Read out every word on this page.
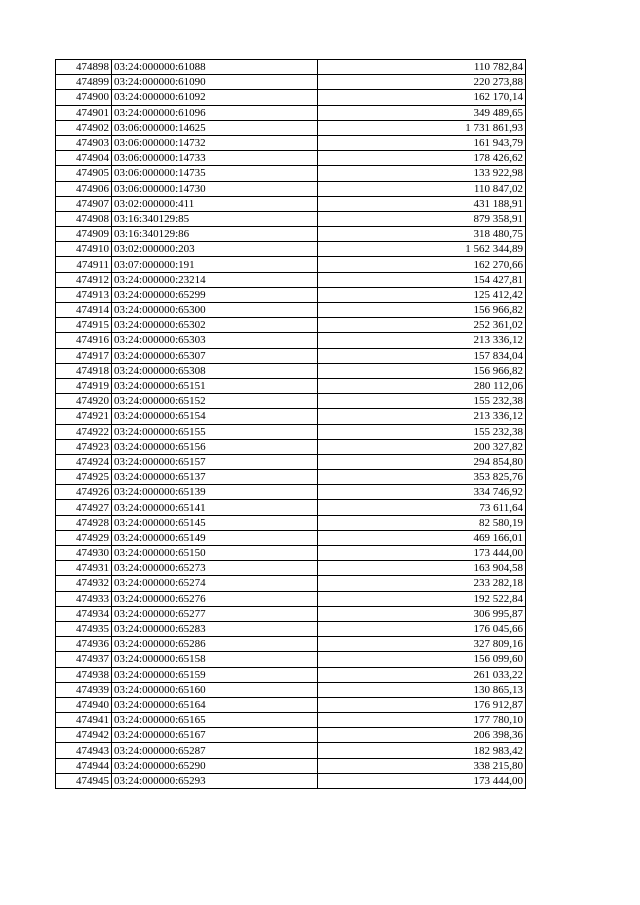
474898	03:24:000000:61088	110 782,84
474899	03:24:000000:61090	220 273,88
474900	03:24:000000:61092	162 170,14
474901	03:24:000000:61096	349 489,65
474902	03:06:000000:14625	1 731 861,93
474903	03:06:000000:14732	161 943,79
474904	03:06:000000:14733	178 426,62
474905	03:06:000000:14735	133 922,98
474906	03:06:000000:14730	110 847,02
474907	03:02:000000:411	431 188,91
474908	03:16:340129:85	879 358,91
474909	03:16:340129:86	318 480,75
474910	03:02:000000:203	1 562 344,89
474911	03:07:000000:191	162 270,66
474912	03:24:000000:23214	154 427,81
474913	03:24:000000:65299	125 412,42
474914	03:24:000000:65300	156 966,82
474915	03:24:000000:65302	252 361,02
474916	03:24:000000:65303	213 336,12
474917	03:24:000000:65307	157 834,04
474918	03:24:000000:65308	156 966,82
474919	03:24:000000:65151	280 112,06
474920	03:24:000000:65152	155 232,38
474921	03:24:000000:65154	213 336,12
474922	03:24:000000:65155	155 232,38
474923	03:24:000000:65156	200 327,82
474924	03:24:000000:65157	294 854,80
474925	03:24:000000:65137	353 825,76
474926	03:24:000000:65139	334 746,92
474927	03:24:000000:65141	73 611,64
474928	03:24:000000:65145	82 580,19
474929	03:24:000000:65149	469 166,01
474930	03:24:000000:65150	173 444,00
474931	03:24:000000:65273	163 904,58
474932	03:24:000000:65274	233 282,18
474933	03:24:000000:65276	192 522,84
474934	03:24:000000:65277	306 995,87
474935	03:24:000000:65283	176 045,66
474936	03:24:000000:65286	327 809,16
474937	03:24:000000:65158	156 099,60
474938	03:24:000000:65159	261 033,22
474939	03:24:000000:65160	130 865,13
474940	03:24:000000:65164	176 912,87
474941	03:24:000000:65165	177 780,10
474942	03:24:000000:65167	206 398,36
474943	03:24:000000:65287	182 983,42
474944	03:24:000000:65290	338 215,80
474945	03:24:000000:65293	173 444,00
